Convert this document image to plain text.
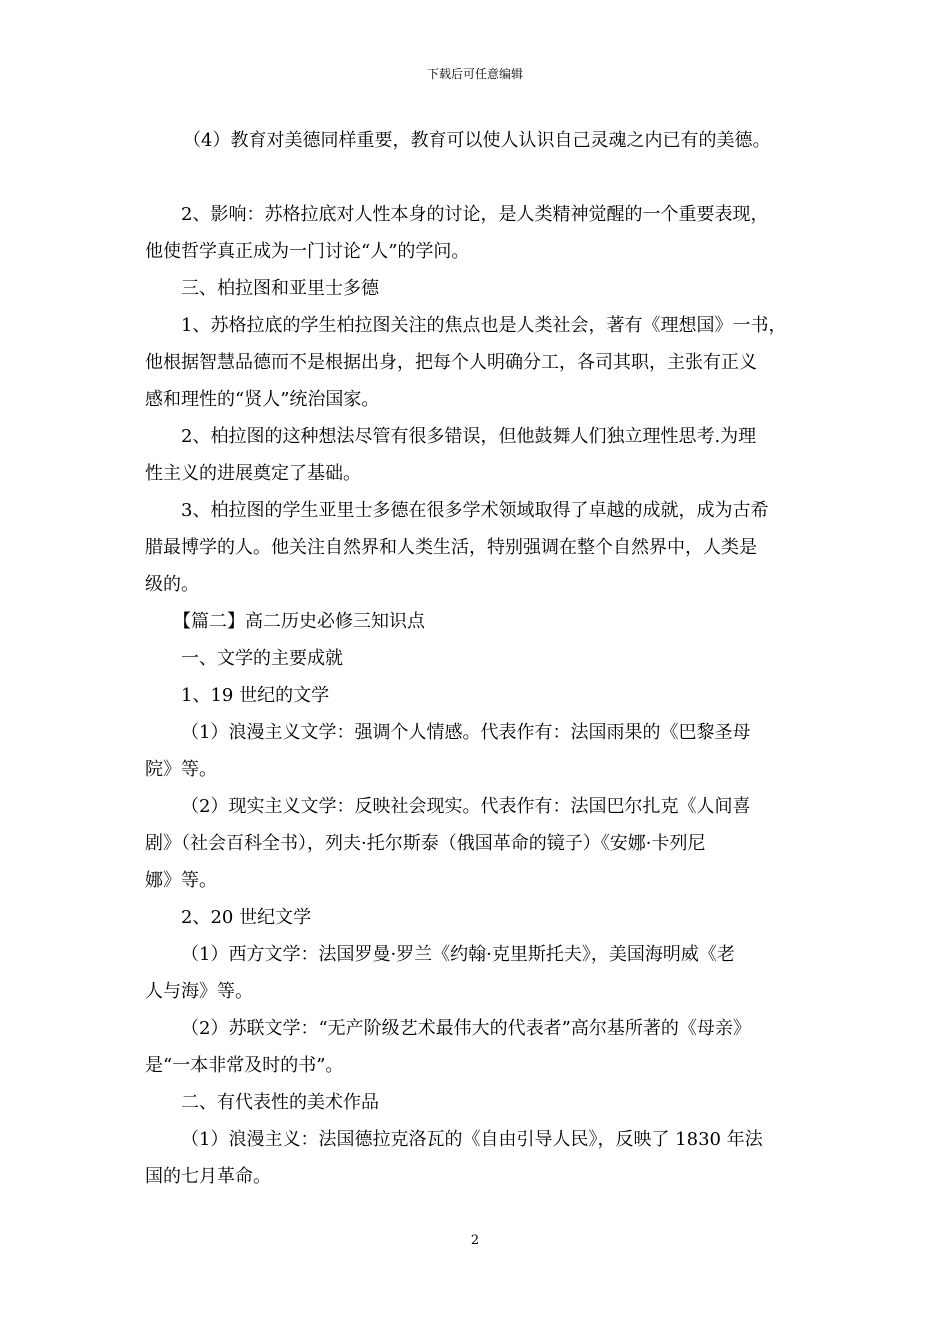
下载后可任意编辑
（4）教育对美德同样重要，教育可以使人认识自己灵魂之内已有的美德。
2、影响：苏格拉底对人性本身的讨论，是人类精神觉醒的一个重要表现，
他使哲学真正成为一门讨论“人”的学问。
三、柏拉图和亚里士多德
1、苏格拉底的学生柏拉图关注的焦点也是人类社会，著有《理想国》一书，
他根据智慧品德而不是根据出身，把每个人明确分工，各司其职，主张有正义
感和理性的“贤人”统治国家。
2、柏拉图的这种想法尽管有很多错误，但他鼓舞人们独立理性思考.为理
性主义的进展奠定了基础。
3、柏拉图的学生亚里士多德在很多学术领域取得了卓越的成就，成为古希
腊最博学的人。他关注自然界和人类生活，特别强调在整个自然界中，人类是
级的。
【篇二】高二历史必修三知识点
一、文学的主要成就
1、19 世纪的文学
（1）浪漫主义文学：强调个人情感。代表作有：法国雨果的《巴黎圣母
院》等。
（2）现实主义文学：反映社会现实。代表作有：法国巴尔扎克《人间喜
剧》（社会百科全书），列夫·托尔斯泰（俄国革命的镜子）《安娜·卡列尼
娜》等。
2、20 世纪文学
（1）西方文学：法国罗曼·罗兰《约翰·克里斯托夫》，美国海明威《老
人与海》等。
（2）苏联文学：“无产阶级艺术最伟大的代表者”高尔基所著的《母亲》
是“一本非常及时的书”。
二、有代表性的美术作品
（1）浪漫主义：法国德拉克洛瓦的《自由引导人民》，反映了 1830 年法
国的七月革命。
2
